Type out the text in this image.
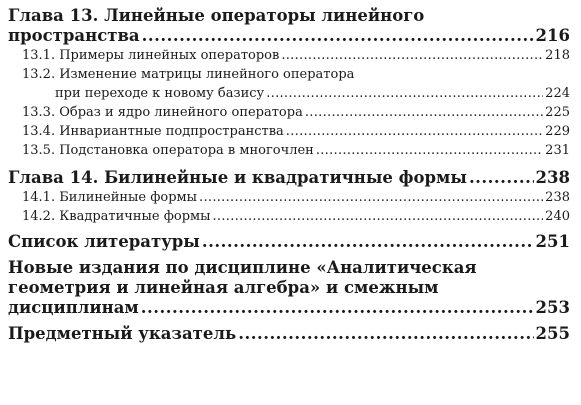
Глава 13. Линейные операторы линейного
пространства .....	216
13.1. Примеры линейных операторов .....	218
13.2. Изменение матрицы линейного оператора
при переходе к новому базису .....	224
13.3. Образ и ядро линейного оператора .....	225
13.4. Инвариантные подпространства .....	229
13.5. Подстановка оператора в многочлен .....	231
Глава 14. Билинейные и квадратичные формы .....	238
14.1. Билинейные формы .....	238
14.2. Квадратичные формы .....	240
Список литературы .....	251
Новые издания по дисциплине «Аналитическая
геометрия и линейная алгебра» и смежным
дисциплинам .....	253
Предметный указатель .....	255
